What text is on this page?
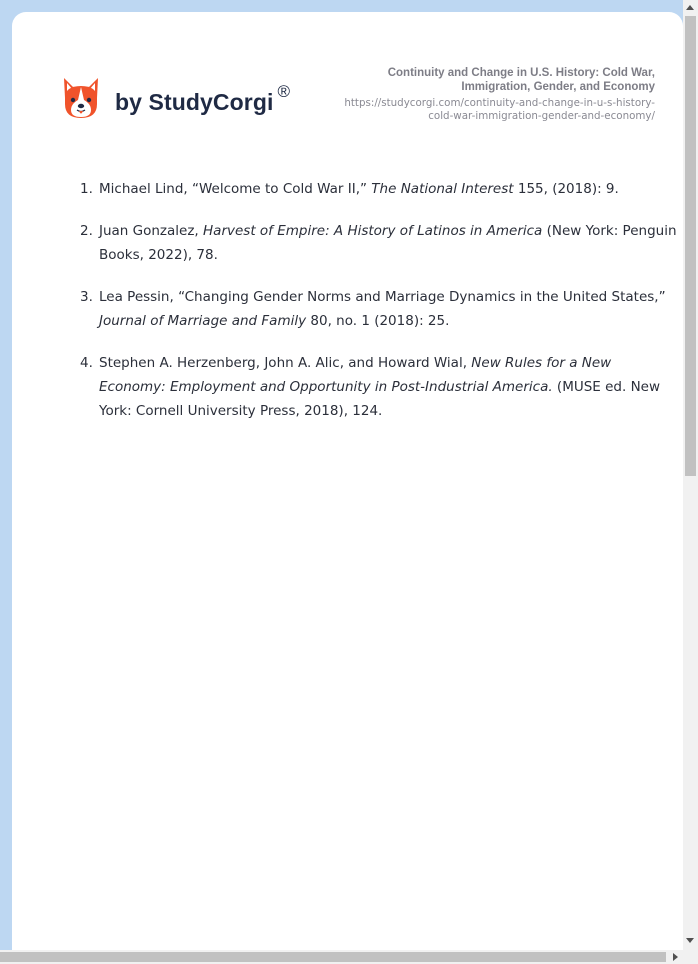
by StudyCorgi ®
Continuity and Change in U.S. History: Cold War, Immigration, Gender, and Economy
https://studycorgi.com/continuity-and-change-in-u-s-history-cold-war-immigration-gender-and-economy/
Michael Lind, “Welcome to Cold War II,” The National Interest 155, (2018): 9.
Juan Gonzalez, Harvest of Empire: A History of Latinos in America (New York: Penguin Books, 2022), 78.
Lea Pessin, “Changing Gender Norms and Marriage Dynamics in the United States,” Journal of Marriage and Family 80, no. 1 (2018): 25.
Stephen A. Herzenberg, John A. Alic, and Howard Wial, New Rules for a New Economy: Employment and Opportunity in Post-Industrial America. (MUSE ed. New York: Cornell University Press, 2018), 124.
